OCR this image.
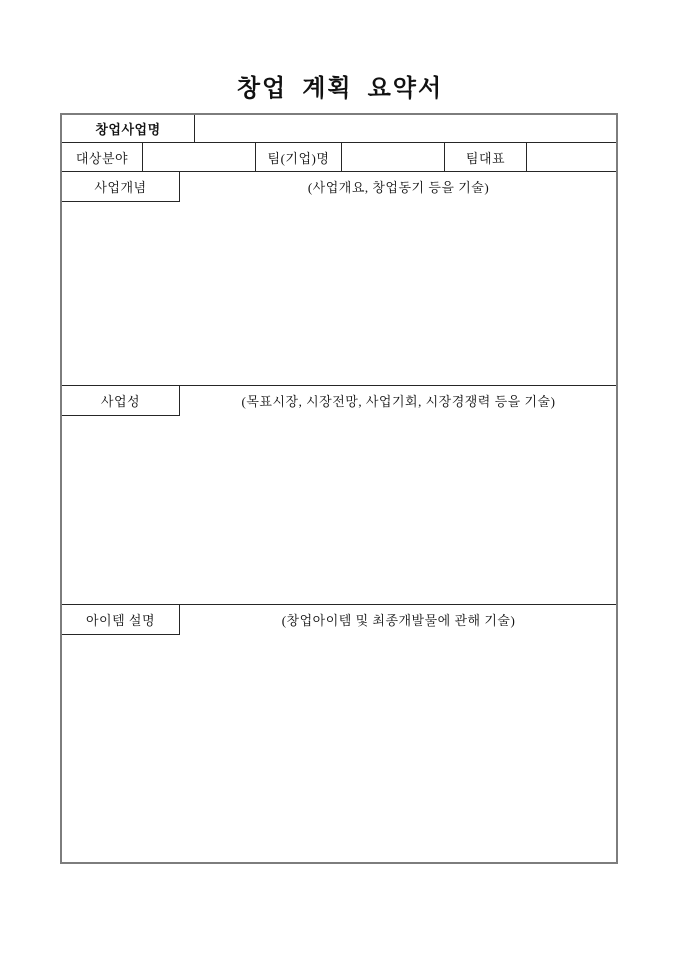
창업 계획 요약서
창업사업명
대상분야	팀(기업)명	팀대표
사업개념	(사업개요, 창업동기 등을 기술)
사업성	(목표시장, 시장전망, 사업기회, 시장경쟁력 등을 기술)
아이템 설명	(창업아이템 및 최종개발물에 관해 기술)
